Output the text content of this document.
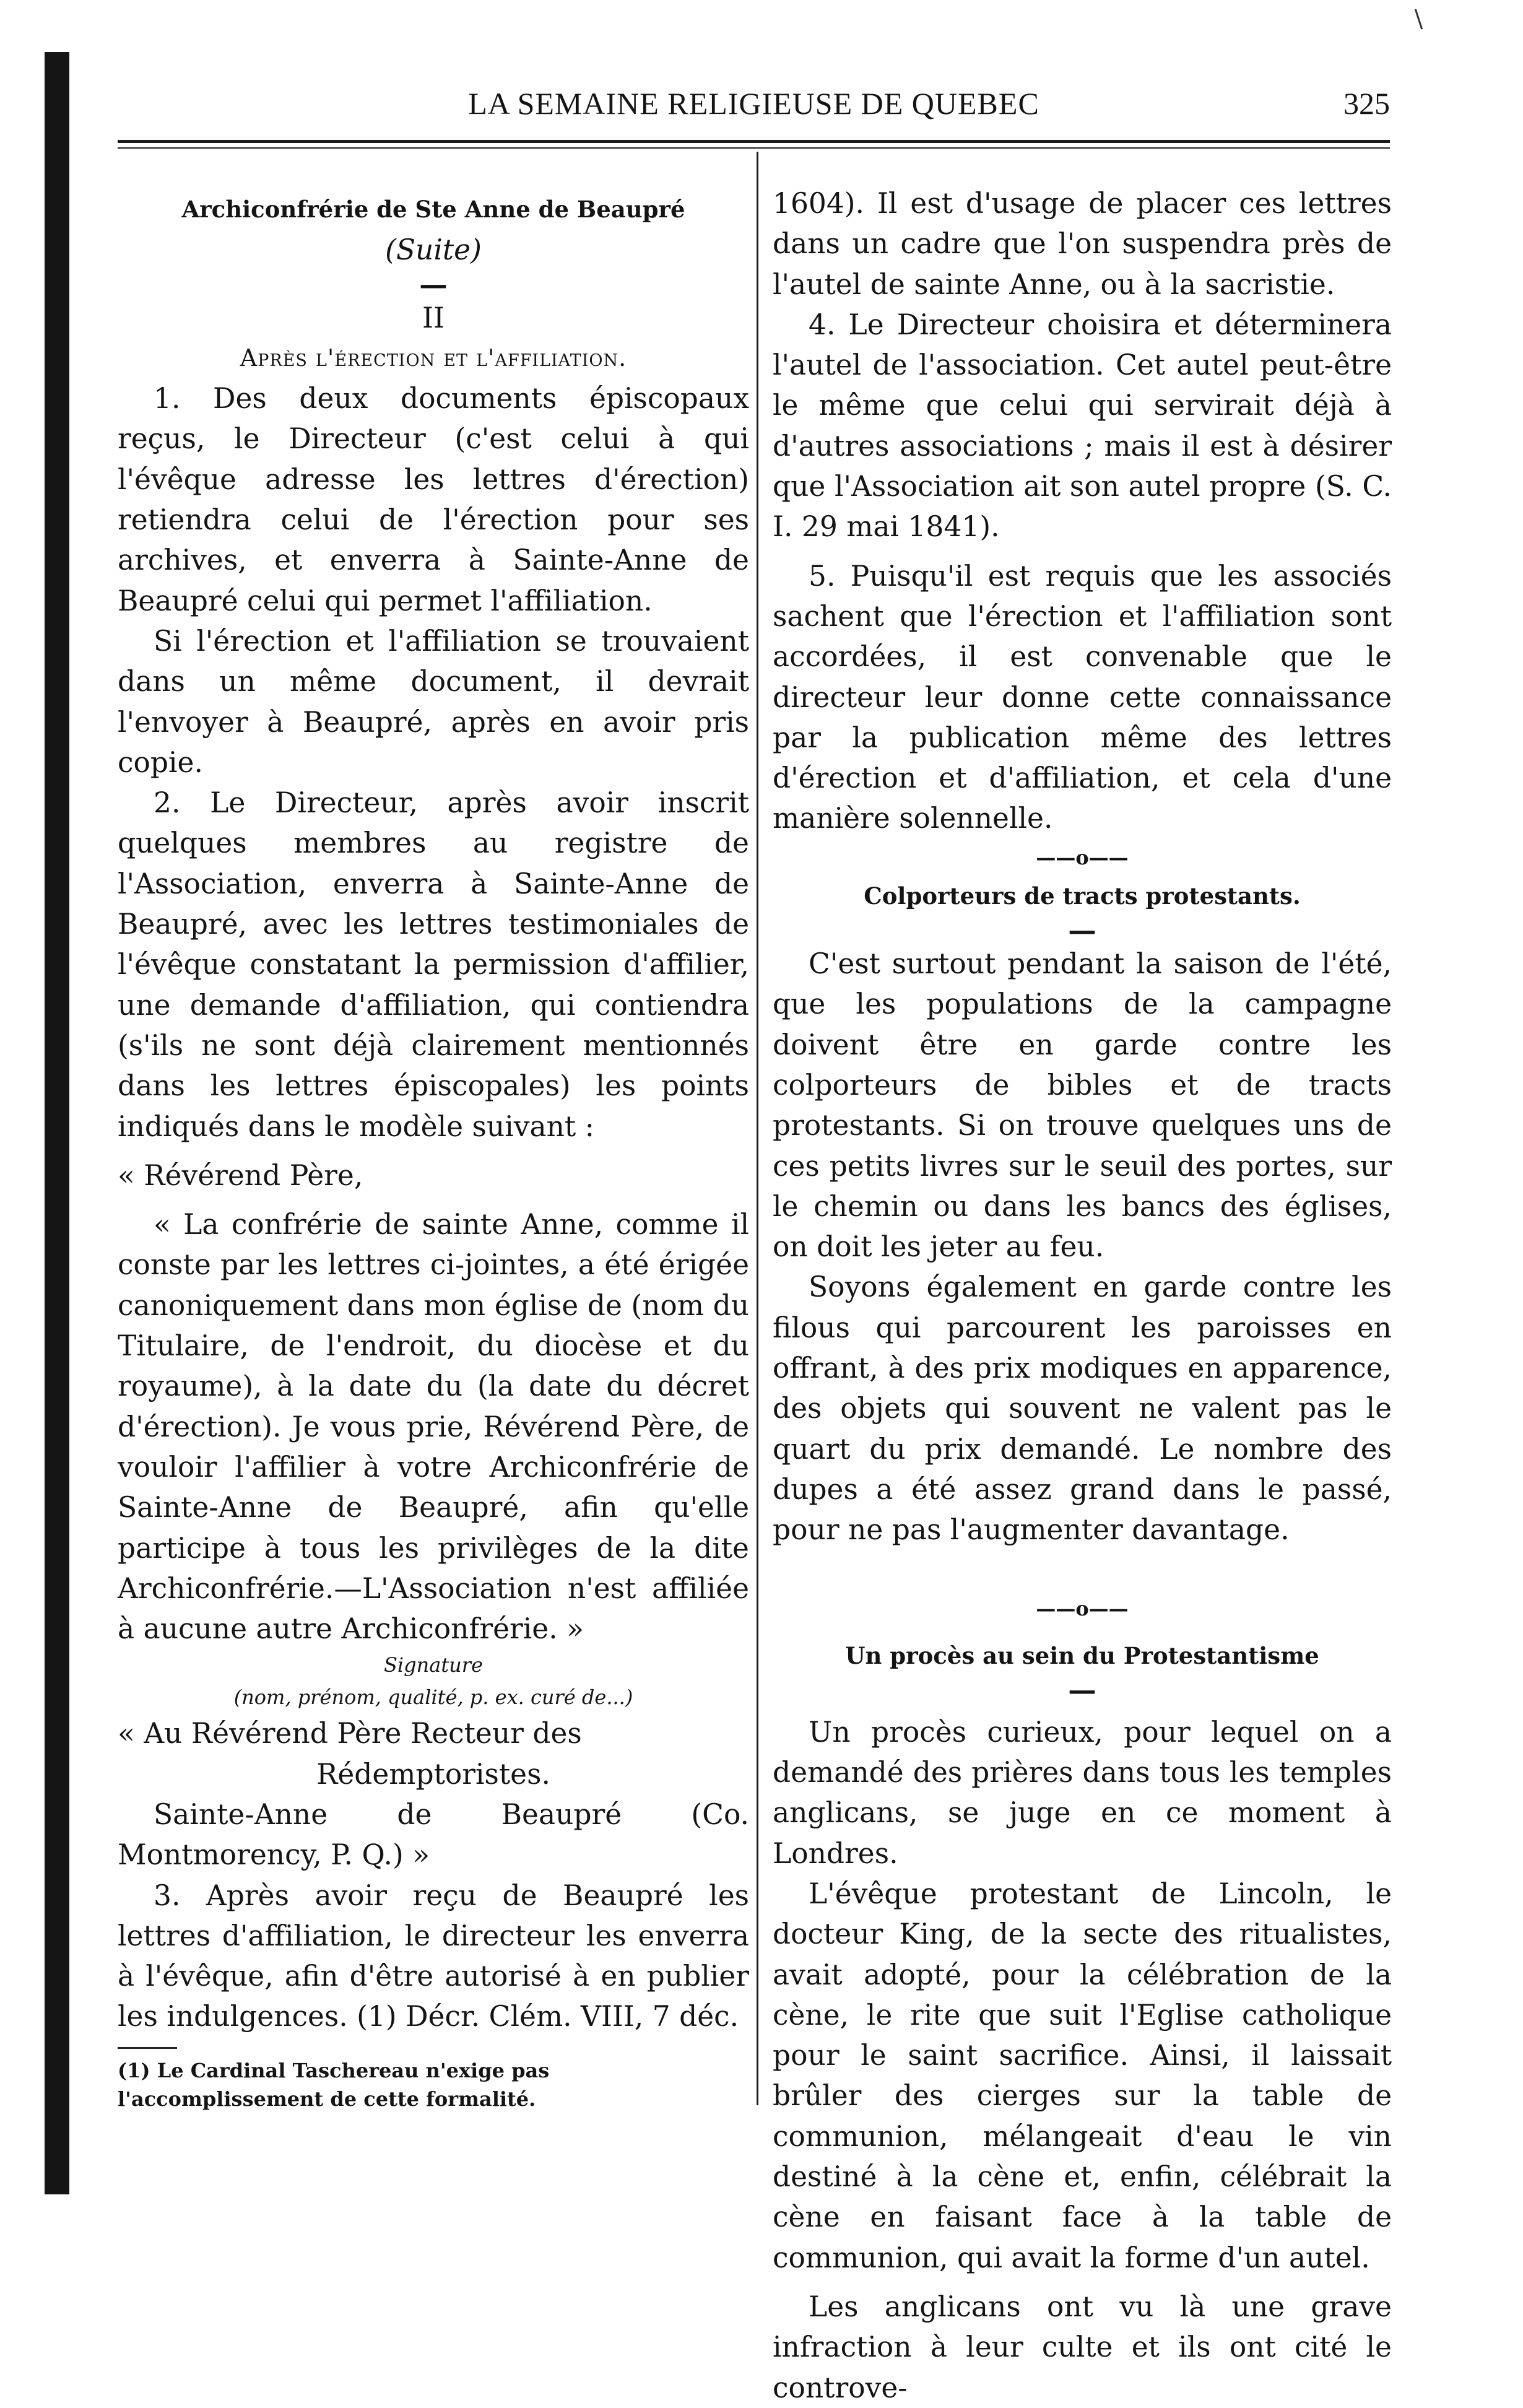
LA SEMAINE RELIGIEUSE DE QUEBEC	325

Archiconfrérie de Ste Anne de Beaupré

(Suite)

—

II

Après l'érection et l'affiliation.

1. Des deux documents épiscopaux reçus, le Directeur (c'est celui à qui l'évêque adresse les lettres d'érection) retiendra celui de l'érection pour ses archives, et enverra à Sainte-Anne de Beaupré celui qui permet l'affiliation.

Si l'érection et l'affiliation se trouvaient dans un même document, il devrait l'envoyer à Beaupré, après en avoir pris copie.

2. Le Directeur, après avoir inscrit quelques membres au registre de l'Association, enverra à Sainte-Anne de Beaupré, avec les lettres testimoniales de l'évêque constatant la permission d'affilier, une demande d'affiliation, qui contiendra (s'ils ne sont déjà clairement mentionnés dans les lettres épiscopales) les points indiqués dans le modèle suivant :

« Révérend Père,

« La confrérie de sainte Anne, comme il conste par les lettres ci-jointes, a été érigée canoniquement dans mon église de (nom du Titulaire, de l'endroit, du diocèse et du royaume), à la date du (la date du décret d'érection). Je vous prie, Révérend Père, de vouloir l'affilier à votre Archiconfrérie de Sainte-Anne de Beaupré, afin qu'elle participe à tous les privilèges de la dite Archiconfrérie.—L'Association n'est affiliée à aucune autre Archiconfrérie. »

Signature

(nom, prénom, qualité, p. ex. curé de...)

« Au Révérend Père Recteur des

Rédemptoristes.

Sainte-Anne de Beaupré (Co. Montmorency, P. Q.) »

3. Après avoir reçu de Beaupré les lettres d'affiliation, le directeur les enverra à l'évêque, afin d'être autorisé à en publier les indulgences. (1) Décr. Clém. VIII, 7 déc.

(1) Le Cardinal Taschereau n'exige pas l'accomplissement de cette formalité.

1604). Il est d'usage de placer ces lettres dans un cadre que l'on suspendra près de l'autel de sainte Anne, ou à la sacristie.

4. Le Directeur choisira et déterminera l'autel de l'association. Cet autel peut-être le même que celui qui servirait déjà à d'autres associations ; mais il est à désirer que l'Association ait son autel propre (S. C. I. 29 mai 1841).

5. Puisqu'il est requis que les associés sachent que l'érection et l'affiliation sont accordées, il est convenable que le directeur leur donne cette connaissance par la publication même des lettres d'érection et d'affiliation, et cela d'une manière solennelle.

——o——

Colporteurs de tracts protestants.

—

C'est surtout pendant la saison de l'été, que les populations de la campagne doivent être en garde contre les colporteurs de bibles et de tracts protestants. Si on trouve quelques uns de ces petits livres sur le seuil des portes, sur le chemin ou dans les bancs des églises, on doit les jeter au feu.

Soyons également en garde contre les filous qui parcourent les paroisses en offrant, à des prix modiques en apparence, des objets qui souvent ne valent pas le quart du prix demandé. Le nombre des dupes a été assez grand dans le passé, pour ne pas l'augmenter davantage.

——o——

Un procès au sein du Protestantisme

—

Un procès curieux, pour lequel on a demandé des prières dans tous les temples anglicans, se juge en ce moment à Londres.

L'évêque protestant de Lincoln, le docteur King, de la secte des ritualistes, avait adopté, pour la célébration de la cène, le rite que suit l'Eglise catholique pour le saint sacrifice. Ainsi, il laissait brûler des cierges sur la table de communion, mélangeait d'eau le vin destiné à la cène et, enfin, célébrait la cène en faisant face à la table de communion, qui avait la forme d'un autel.

Les anglicans ont vu là une grave infraction à leur culte et ils ont cité le controve-
